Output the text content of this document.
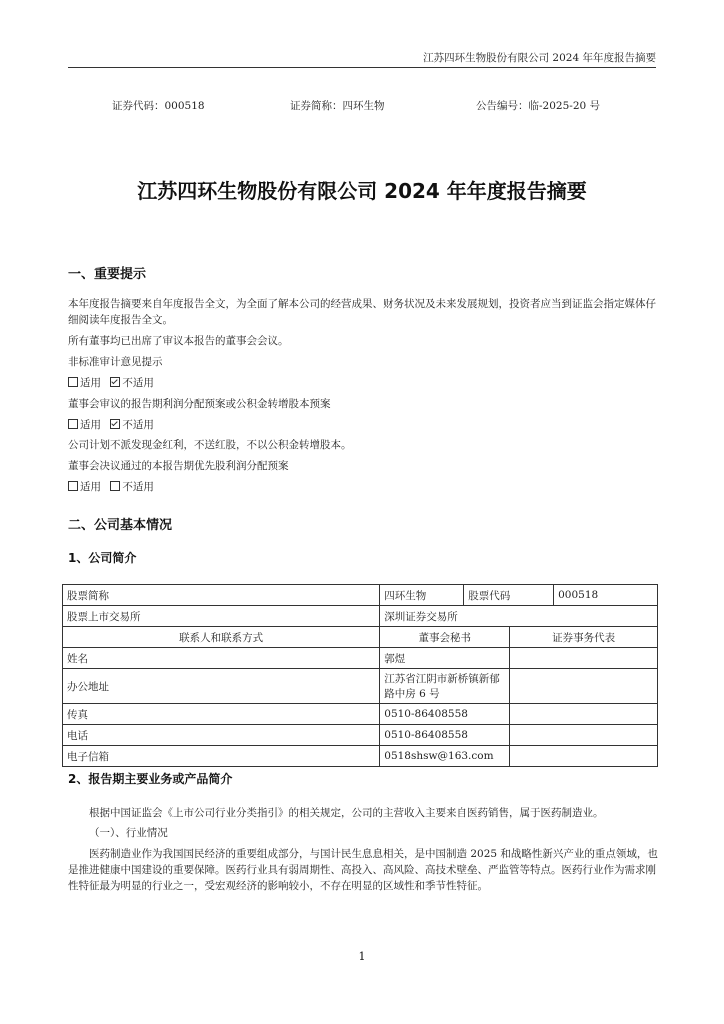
江苏四环生物股份有限公司 2024 年年度报告摘要
证券代码：000518	证券简称：四环生物	公告编号：临-2025-20 号
江苏四环生物股份有限公司 2024 年年度报告摘要
一、重要提示
本年度报告摘要来自年度报告全文，为全面了解本公司的经营成果、财务状况及未来发展规划，投资者应当到证监会指定媒体仔细阅读年度报告全文。
所有董事均已出席了审议本报告的董事会会议。
非标准审计意见提示
适用 不适用
董事会审议的报告期利润分配预案或公积金转增股本预案
适用 不适用
公司计划不派发现金红利，不送红股，不以公积金转增股本。
董事会决议通过的本报告期优先股利润分配预案
适用 不适用
二、公司基本情况
1、公司简介
股票简称	四环生物	股票代码		000518
股票上市交易所	深圳证券交易所			
联系人和联系方式	董事会秘书		证券事务代表	
姓名	郭煜			
办公地址	江苏省江阴市新桥镇新郁路中房 6 号			
传真	0510-86408558			
电话	0510-86408558			
电子信箱	0518shsw@163.com			
2、报告期主要业务或产品简介
根据中国证监会《上市公司行业分类指引》的相关规定，公司的主营收入主要来自医药销售，属于医药制造业。
（一）、行业情况
医药制造业作为我国国民经济的重要组成部分，与国计民生息息相关，是中国制造 2025 和战略性新兴产业的重点领域，也是推进健康中国建设的重要保障。医药行业具有弱周期性、高投入、高风险、高技术壁垒、严监管等特点。医药行业作为需求刚性特征最为明显的行业之一，受宏观经济的影响较小，不存在明显的区域性和季节性特征。
1
